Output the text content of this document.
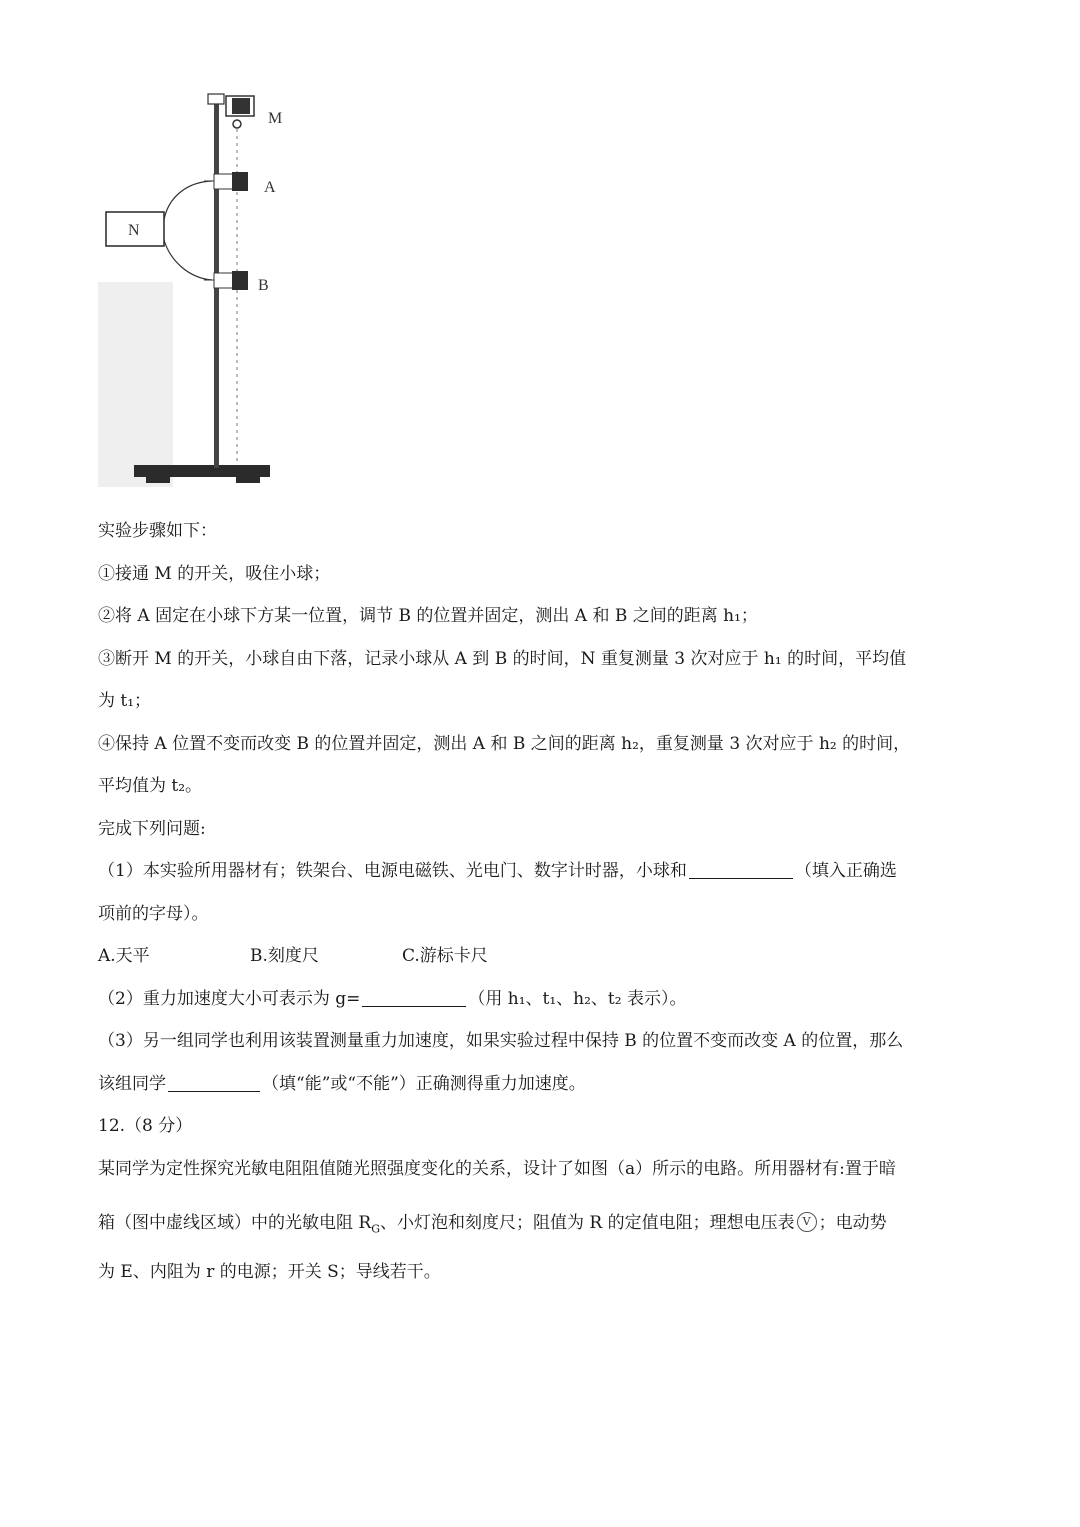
M
A
B
N
实验步骤如下：
①接通 M 的开关，吸住小球；
②将 A 固定在小球下方某一位置，调节 B 的位置并固定，测出 A 和 B 之间的距离 h₁；
③断开 M 的开关，小球自由下落，记录小球从 A 到 B 的时间，N 重复测量 3 次对应于 h₁ 的时间，平均值
为 t₁；
④保持 A 位置不变而改变 B 的位置并固定，测出 A 和 B 之间的距离 h₂，重复测量 3 次对应于 h₂ 的时间，
平均值为 t₂。
完成下列问题:
（1）本实验所用器材有；铁架台、电源电磁铁、光电门、数字计时器，小球和	（填入正确选
项前的字母）。
A.天平	B.刻度尺	C.游标卡尺
（2）重力加速度大小可表示为 g=	（用 h₁、t₁、h₂、t₂ 表示）。
（3）另一组同学也利用该装置测量重力加速度，如果实验过程中保持 B 的位置不变而改变 A 的位置，那么
该组同学	（填“能”或“不能”）正确测得重力加速度。
12.（8 分）
某同学为定性探究光敏电阻阻值随光照强度变化的关系，设计了如图（a）所示的电路。所用器材有:置于暗
箱（图中虚线区域）中的光敏电阻 $R_G$、小灯泡和刻度尺；阻值为 R 的定值电阻；理想电压表 V ；电动势
为 E、内阻为 r 的电源；开关 S；导线若干。
